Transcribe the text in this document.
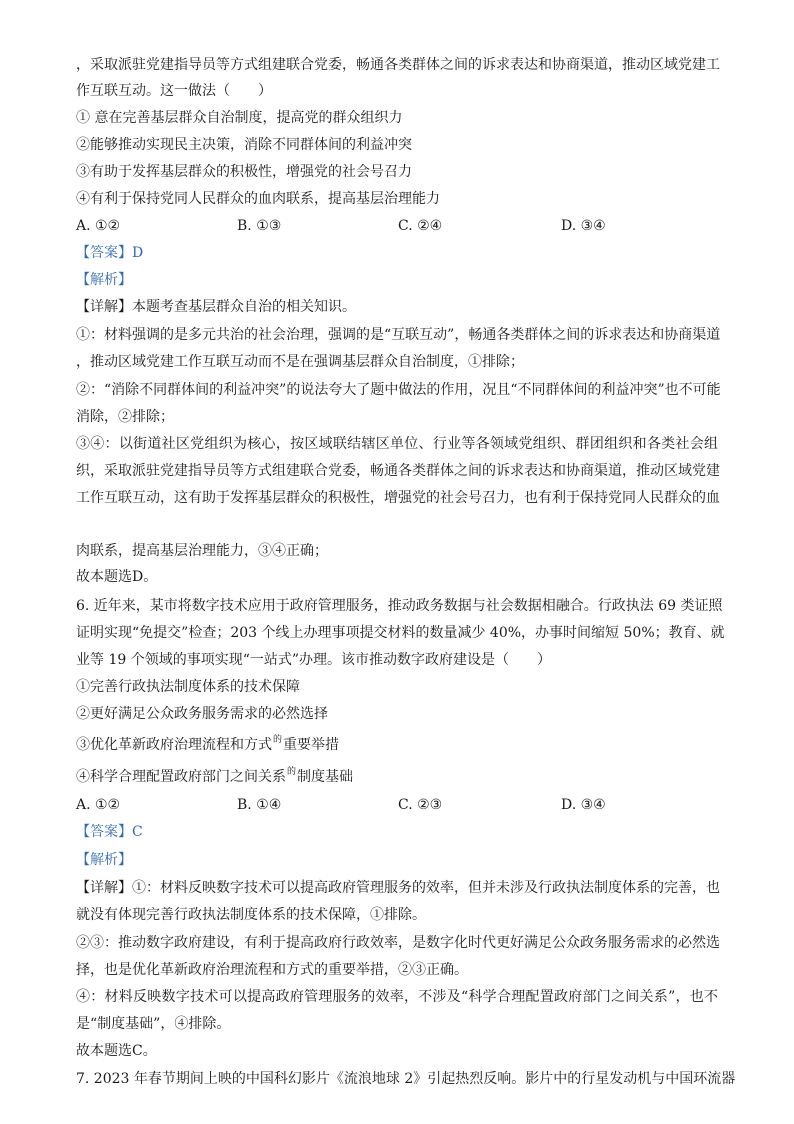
，采取派驻党建指导员等方式组建联合党委，畅通各类群体之间的诉求表达和协商渠道，推动区域党建工
作互联互动。这一做法（　　）
① 意在完善基层群众自治制度，提高党的群众组织力
②能够推动实现民主决策，消除不同群体间的利益冲突
③有助于发挥基层群众的积极性，增强党的社会号召力
④有利于保持党同人民群众的血肉联系，提高基层治理能力
A. ①②	B. ①③	C. ②④	D. ③④
【答案】D
【解析】
【详解】本题考查基层群众自治的相关知识。
①：材料强调的是多元共治的社会治理，强调的是“互联互动”，畅通各类群体之间的诉求表达和协商渠道
，推动区域党建工作互联互动而不是在强调基层群众自治制度，①排除；
②：“消除不同群体间的利益冲突”的说法夸大了题中做法的作用，况且“不同群体间的利益冲突”也不可能
消除，②排除；
③④：以街道社区党组织为核心，按区域联结辖区单位、行业等各领域党组织、群团组织和各类社会组
织，采取派驻党建指导员等方式组建联合党委，畅通各类群体之间的诉求表达和协商渠道，推动区域党建
工作互联互动，这有助于发挥基层群众的积极性，增强党的社会号召力，也有利于保持党同人民群众的血
肉联系，提高基层治理能力，③④正确；
故本题选D。
6. 近年来，某市将数字技术应用于政府管理服务，推动政务数据与社会数据相融合。行政执法 69 类证照
证明实现“免提交”检查；203 个线上办理事项提交材料的数量减少 40%，办事时间缩短 50%；教育、就
业等 19 个领域的事项实现“一站式”办理。该市推动数字政府建设是（　　）
①完善行政执法制度体系的技术保障
②更好满足公众政务服务需求的必然选择
③优化革新政府治理流程和方式$^的$重要举措
④科学合理配置政府部门之间关系$^的$制度基础
A. ①②	B. ①④	C. ②③	D. ③④
【答案】C
【解析】
【详解】①：材料反映数字技术可以提高政府管理服务的效率，但并未涉及行政执法制度体系的完善，也
就没有体现完善行政执法制度体系的技术保障，①排除。
②③：推动数字政府建设，有利于提高政府行政效率，是数字化时代更好满足公众政务服务需求的必然选
择，也是优化革新政府治理流程和方式的重要举措，②③正确。
④：材料反映数字技术可以提高政府管理服务的效率，不涉及“科学合理配置政府部门之间关系”，也不
是“制度基础”，④排除。
故本题选C。
7. 2023 年春节期间上映的中国科幻影片《流浪地球 2》引起热烈反响。影片中的行星发动机与中国环流器
